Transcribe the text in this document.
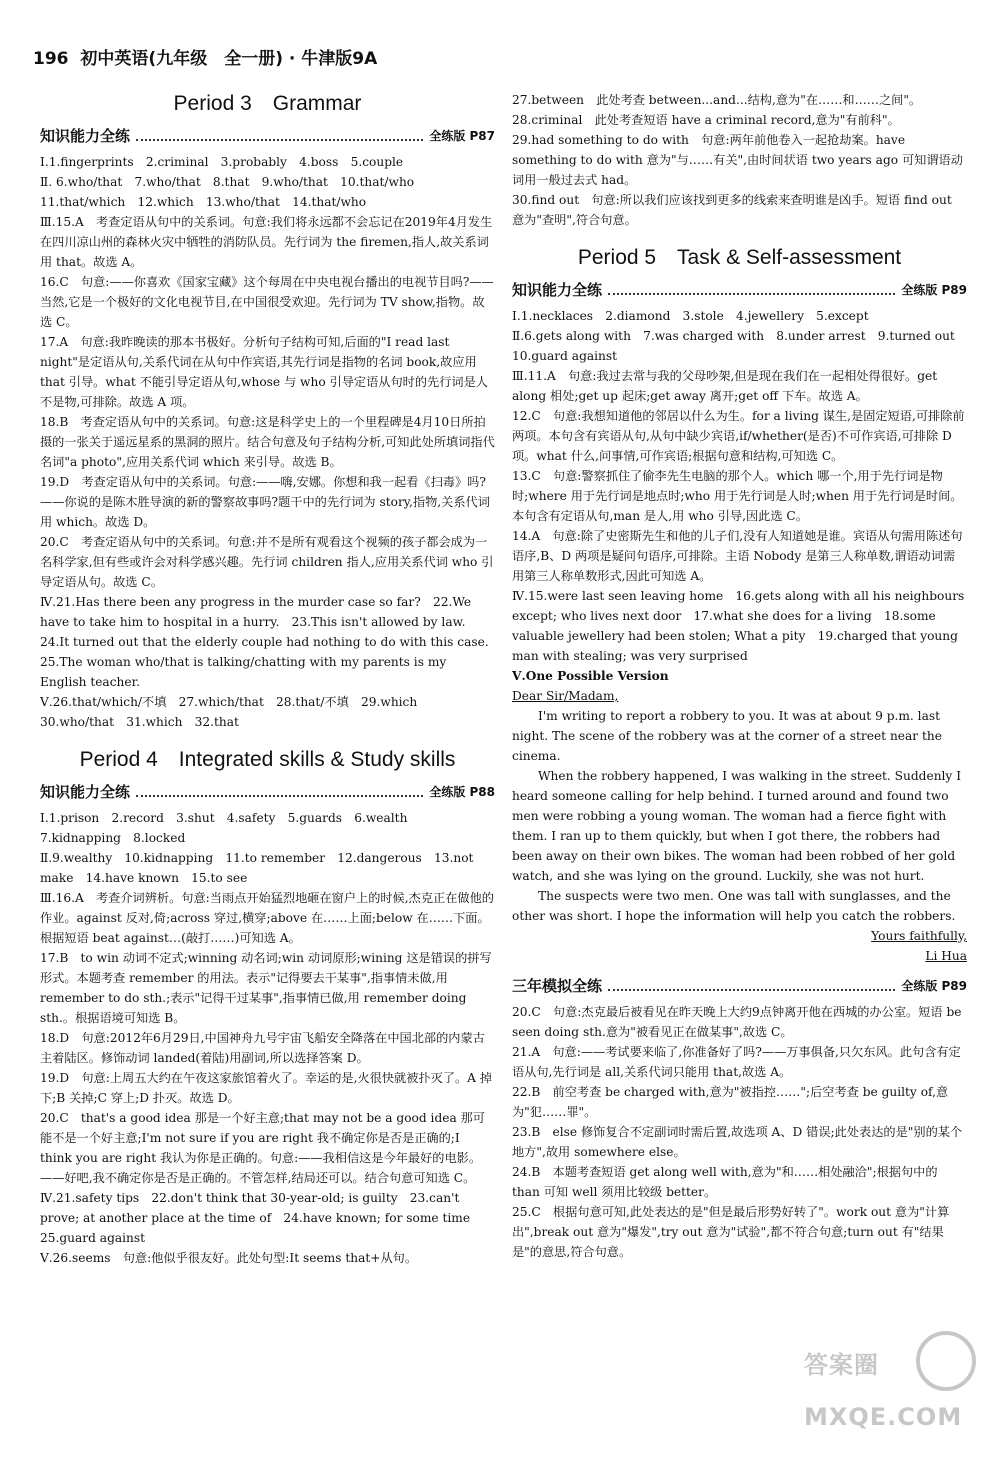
196 初中英语(九年级　全一册) · 牛津版9A
Period 3　Grammar
知识能力全练	全练版 P87

Ⅰ.1.fingerprints　2.criminal　3.probably　4.boss　5.couple

Ⅱ. 6.who/that　7.who/that　8.that　9.who/that　10.that/who

11.that/which　12.which　13.who/that　14.that/who

Ⅲ.15.A　考查定语从句中的关系词。句意:我们将永远都不会忘记在2019年4月发生在四川凉山州的森林火灾中牺牲的消防队员。先行词为 the firemen,指人,故关系词用 that。故选 A。

16.C　句意:——你喜欢《国家宝藏》这个每周在中央电视台播出的电视节目吗?——当然,它是一个极好的文化电视节目,在中国很受欢迎。先行词为 TV show,指物。故选 C。

17.A　句意:我昨晚读的那本书极好。分析句子结构可知,后面的"I read last night"是定语从句,关系代词在从句中作宾语,其先行词是指物的名词 book,故应用 that 引导。what 不能引导定语从句,whose 与 who 引导定语从句时的先行词是人不是物,可排除。故选 A 项。

18.B　考查定语从句中的关系词。句意:这是科学史上的一个里程碑是4月10日所拍摄的一张关于遥远星系的黑洞的照片。结合句意及句子结构分析,可知此处所填词指代名词"a photo",应用关系代词 which 来引导。故选 B。

19.D　考查定语从句中的关系词。句意:——嗨,安娜。你想和我一起看《扫毒》吗?——你说的是陈木胜导演的新的警察故事吗?题干中的先行词为 story,指物,关系代词用 which。故选 D。

20.C　考查定语从句中的关系词。句意:并不是所有观看这个视频的孩子都会成为一名科学家,但有些或许会对科学感兴趣。先行词 children 指人,应用关系代词 who 引导定语从句。故选 C。

Ⅳ.21.Has there been any progress in the murder case so far?　22.We have to take him to hospital in a hurry.　23.This isn't allowed by law.

24.It turned out that the elderly couple had nothing to do with this case.

25.The woman who/that is talking/chatting with my parents is my English teacher.

Ⅴ.26.that/which/不填　27.which/that　28.that/不填　29.which

30.who/that　31.which　32.that

Period 4　Integrated skills & Study skills
知识能力全练	全练版 P88

Ⅰ.1.prison　2.record　3.shut　4.safety　5.guards　6.wealth

7.kidnapping　8.locked

Ⅱ.9.wealthy　10.kidnapping　11.to remember　12.dangerous　13.not make　14.have known　15.to see

Ⅲ.16.A　考查介词辨析。句意:当雨点开始猛烈地砸在窗户上的时候,杰克正在做他的作业。against 反对,倚;across 穿过,横穿;above 在……上面;below 在……下面。根据短语 beat against…(敲打……)可知选 A。

17.B　to win 动词不定式;winning 动名词;win 动词原形;wining 这是错误的拼写形式。本题考查 remember 的用法。表示"记得要去干某事",指事情未做,用 remember to do sth.;表示"记得干过某事",指事情已做,用 remember doing sth.。根据语境可知选 B。

18.D　句意:2012年6月29日,中国神舟九号宇宙飞船安全降落在中国北部的内蒙古主着陆区。修饰动词 landed(着陆)用副词,所以选择答案 D。

19.D　句意:上周五大约在午夜这家旅馆着火了。幸运的是,火很快就被扑灭了。A 掉下;B 关掉;C 穿上;D 扑灭。故选 D。

20.C　that's a good idea 那是一个好主意;that may not be a good idea 那可能不是一个好主意;I'm not sure if you are right 我不确定你是否是正确的;I think you are right 我认为你是正确的。句意:——我相信这是今年最好的电影。——好吧,我不确定你是否是正确的。不管怎样,结局还可以。结合句意可知选 C。

Ⅳ.21.safety tips　22.don't think that 30-year-old; is guilty　23.can't prove; at another place at the time of　24.have known; for some time

25.guard against

Ⅴ.26.seems　句意:他似乎很友好。此处句型:It seems that+从句。

27.between　此处考查 between...and...结构,意为"在……和……之间"。

28.criminal　此处考查短语 have a criminal record,意为"有前科"。

29.had something to do with　句意:两年前他卷入一起抢劫案。have something to do with 意为"与……有关",由时间状语 two years ago 可知谓语动词用一般过去式 had。

30.find out　句意:所以我们应该找到更多的线索来查明谁是凶手。短语 find out 意为"查明",符合句意。

Period 5　Task & Self-assessment
知识能力全练	全练版 P89

Ⅰ.1.necklaces　2.diamond　3.stole　4.jewellery　5.except

Ⅱ.6.gets along with　7.was charged with　8.under arrest　9.turned out

10.guard against

Ⅲ.11.A　句意:我过去常与我的父母吵架,但是现在我们在一起相处得很好。get along 相处;get up 起床;get away 离开;get off 下车。故选 A。

12.C　句意:我想知道他的邻居以什么为生。for a living 谋生,是固定短语,可排除前两项。本句含有宾语从句,从句中缺少宾语,if/whether(是否)不可作宾语,可排除 D 项。what 什么,问事情,可作宾语;根据句意和结构,可知选 C。

13.C　句意:警察抓住了偷李先生电脑的那个人。which 哪一个,用于先行词是物时;where 用于先行词是地点时;who 用于先行词是人时;when 用于先行词是时间。本句含有定语从句,man 是人,用 who 引导,因此选 C。

14.A　句意:除了史密斯先生和他的儿子们,没有人知道她是谁。宾语从句需用陈述句语序,B、D 两项是疑问句语序,可排除。主语 Nobody 是第三人称单数,谓语动词需用第三人称单数形式,因此可知选 A。

Ⅳ.15.were last seen leaving home　16.gets along with all his neighbours except; who lives next door　17.what she does for a living　18.some valuable jewellery had been stolen; What a pity　19.charged that young man with stealing; was very surprised

Ⅴ.One Possible Version

Dear Sir/Madam,

I'm writing to report a robbery to you. It was at about 9 p.m. last night. The scene of the robbery was at the corner of a street near the cinema.

When the robbery happened, I was walking in the street. Suddenly I heard someone calling for help behind. I turned around and found two men were robbing a young woman. The woman had a fierce fight with them. I ran up to them quickly, but when I got there, the robbers had been away on their own bikes. The woman had been robbed of her gold watch, and she was lying on the ground. Luckily, she was not hurt.

The suspects were two men. One was tall with sunglasses, and the other was short. I hope the information will help you catch the robbers.

Yours faithfully,

Li Hua

三年模拟全练	全练版 P89

20.C　句意:杰克最后被看见在昨天晚上大约9点钟离开他在西城的办公室。短语 be seen doing sth.意为"被看见正在做某事",故选 C。

21.A　句意:——考试要来临了,你准备好了吗?——万事俱备,只欠东风。此句含有定语从句,先行词是 all,关系代词只能用 that,故选 A。

22.B　前空考查 be charged with,意为"被指控……";后空考查 be guilty of,意为"犯……罪"。

23.B　else 修饰复合不定副词时需后置,故选项 A、D 错误;此处表达的是"别的某个地方",故用 somewhere else。

24.B　本题考查短语 get along well with,意为"和……相处融洽";根据句中的 than 可知 well 须用比较级 better。

25.C　根据句意可知,此处表达的是"但是最后形势好转了"。work out 意为"计算出",break out 意为"爆发",try out 意为"试验",都不符合句意;turn out 有"结果是"的意思,符合句意。

答案圈
MXQE.COM
